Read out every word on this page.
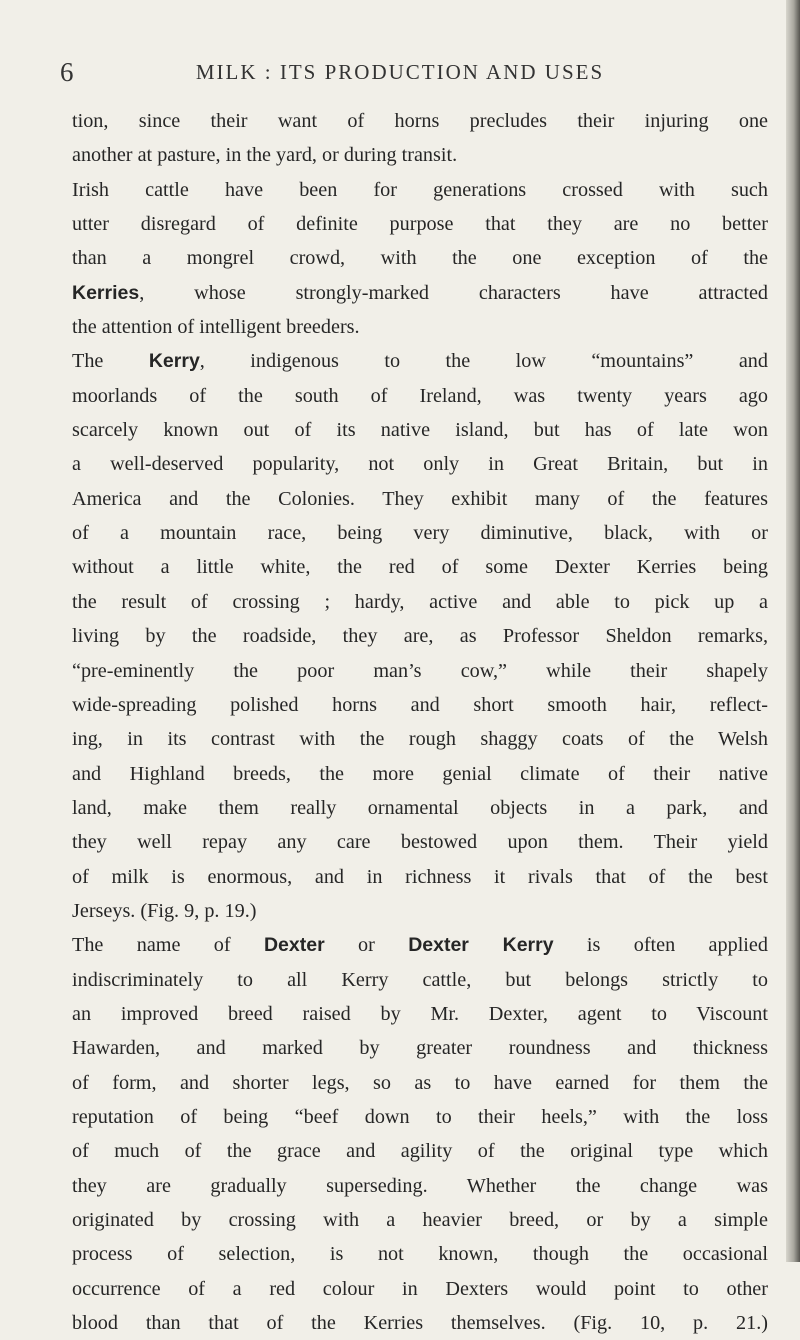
6	MILK : ITS PRODUCTION AND USES
tion, since their want of horns precludes their injuring one
another at pasture, in the yard, or during transit.
Irish cattle have been for generations crossed with such
utter disregard of definite purpose that they are no better
than a mongrel crowd, with the one exception of the
Kerries, whose strongly-marked characters have attracted
the attention of intelligent breeders.
The Kerry, indigenous to the low “mountains” and
moorlands of the south of Ireland, was twenty years ago
scarcely known out of its native island, but has of late won
a well-deserved popularity, not only in Great Britain, but in
America and the Colonies. They exhibit many of the features
of a mountain race, being very diminutive, black, with or
without a little white, the red of some Dexter Kerries being
the result of crossing ; hardy, active and able to pick up a
living by the roadside, they are, as Professor Sheldon remarks,
“pre-eminently the poor man’s cow,” while their shapely
wide-spreading polished horns and short smooth hair, reflect-
ing, in its contrast with the rough shaggy coats of the Welsh
and Highland breeds, the more genial climate of their native
land, make them really ornamental objects in a park, and
they well repay any care bestowed upon them. Their yield
of milk is enormous, and in richness it rivals that of the best
Jerseys. (Fig. 9, p. 19.)
The name of Dexter or Dexter Kerry is often applied
indiscriminately to all Kerry cattle, but belongs strictly to
an improved breed raised by Mr. Dexter, agent to Viscount
Hawarden, and marked by greater roundness and thickness
of form, and shorter legs, so as to have earned for them the
reputation of being “beef down to their heels,” with the loss
of much of the grace and agility of the original type which
they are gradually superseding. Whether the change was
originated by crossing with a heavier breed, or by a simple
process of selection, is not known, though the occasional
occurrence of a red colour in Dexters would point to other
blood than that of the Kerries themselves. (Fig. 10, p. 21.)
